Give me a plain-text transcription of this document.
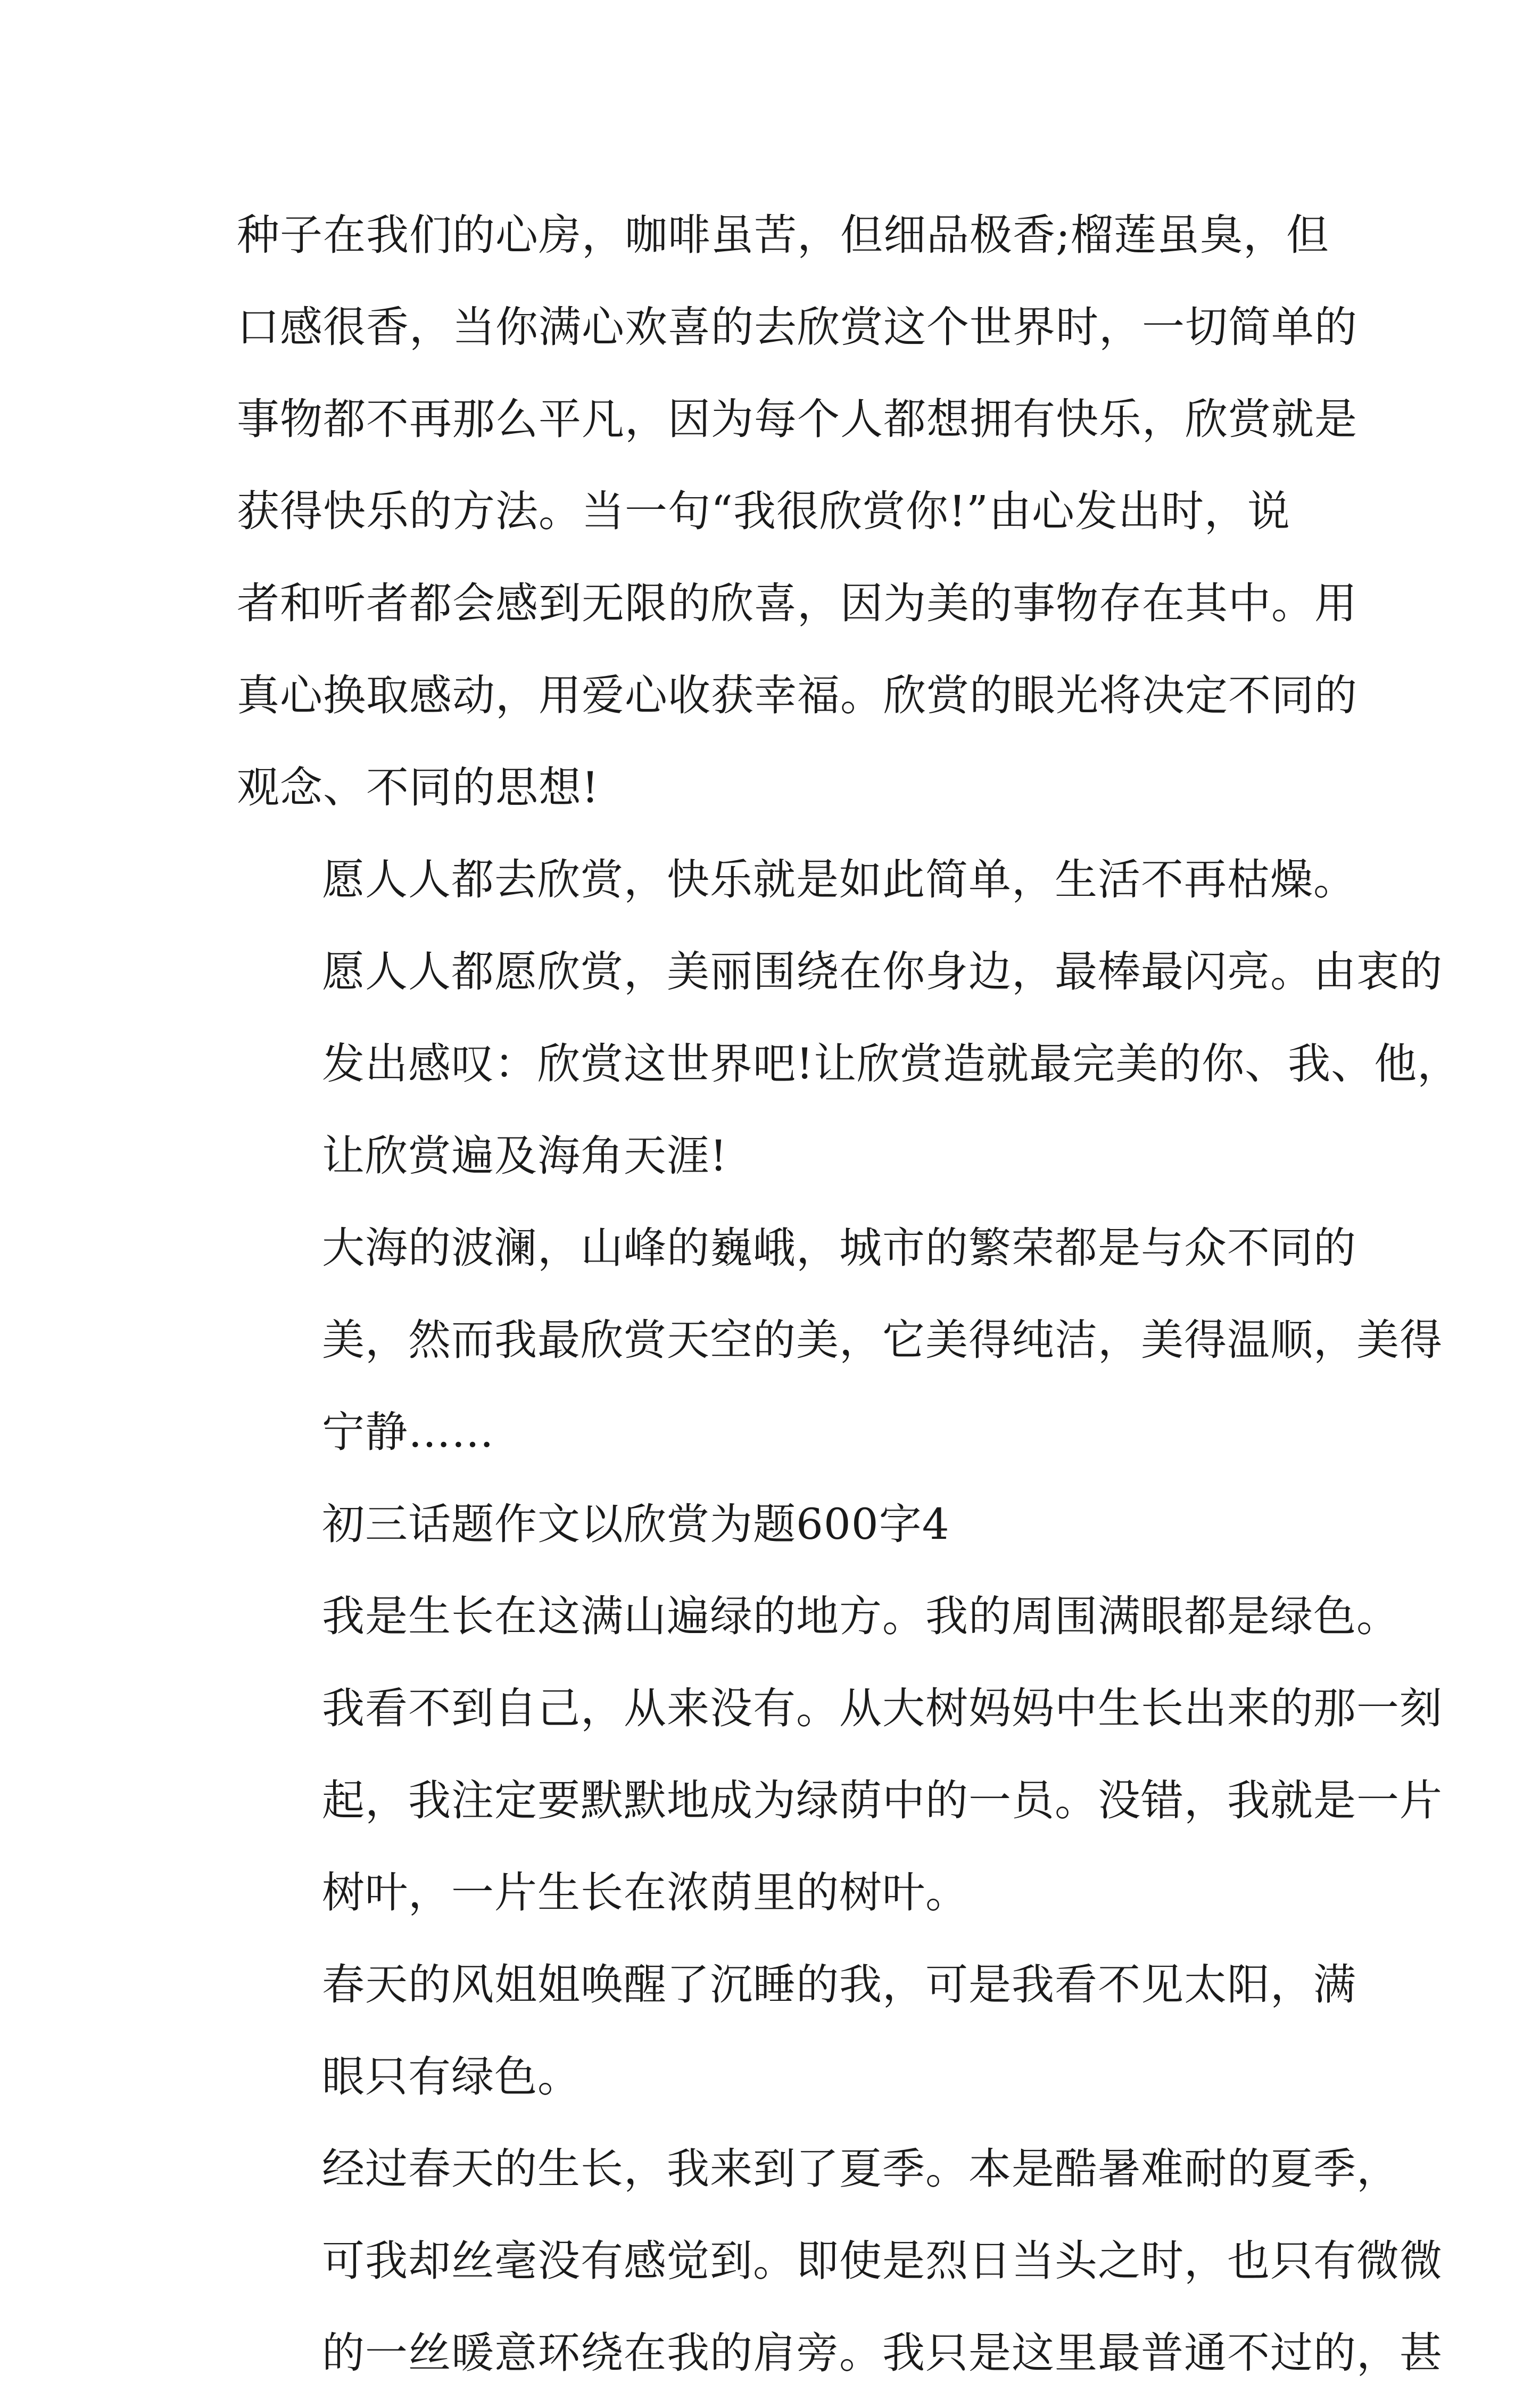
种子在我们的心房，咖啡虽苦，但细品极香;榴莲虽臭，但
口感很香，当你满心欢喜的去欣赏这个世界时，一切简单的
事物都不再那么平凡，因为每个人都想拥有快乐，欣赏就是
获得快乐的方法。当一句“我很欣赏你!”由心发出时，说
者和听者都会感到无限的欣喜，因为美的事物存在其中。用
真心换取感动，用爱心收获幸福。欣赏的眼光将决定不同的
观念、不同的思想!
愿人人都去欣赏，快乐就是如此简单，生活不再枯燥。
愿人人都愿欣赏，美丽围绕在你身边，最棒最闪亮。由衷的
发出感叹：欣赏这世界吧!让欣赏造就最完美的你、我、他，
让欣赏遍及海角天涯!
大海的波澜，山峰的巍峨，城市的繁荣都是与众不同的
美，然而我最欣赏天空的美，它美得纯洁，美得温顺，美得
宁静……
初三话题作文以欣赏为题600字4
我是生长在这满山遍绿的地方。我的周围满眼都是绿色。
我看不到自己，从来没有。从大树妈妈中生长出来的那一刻
起，我注定要默默地成为绿荫中的一员。没错，我就是一片
树叶，一片生长在浓荫里的树叶。
春天的风姐姐唤醒了沉睡的我，可是我看不见太阳，满
眼只有绿色。
经过春天的生长，我来到了夏季。本是酷暑难耐的夏季，
可我却丝毫没有感觉到。即使是烈日当头之时，也只有微微
的一丝暖意环绕在我的肩旁。我只是这里最普通不过的，甚
